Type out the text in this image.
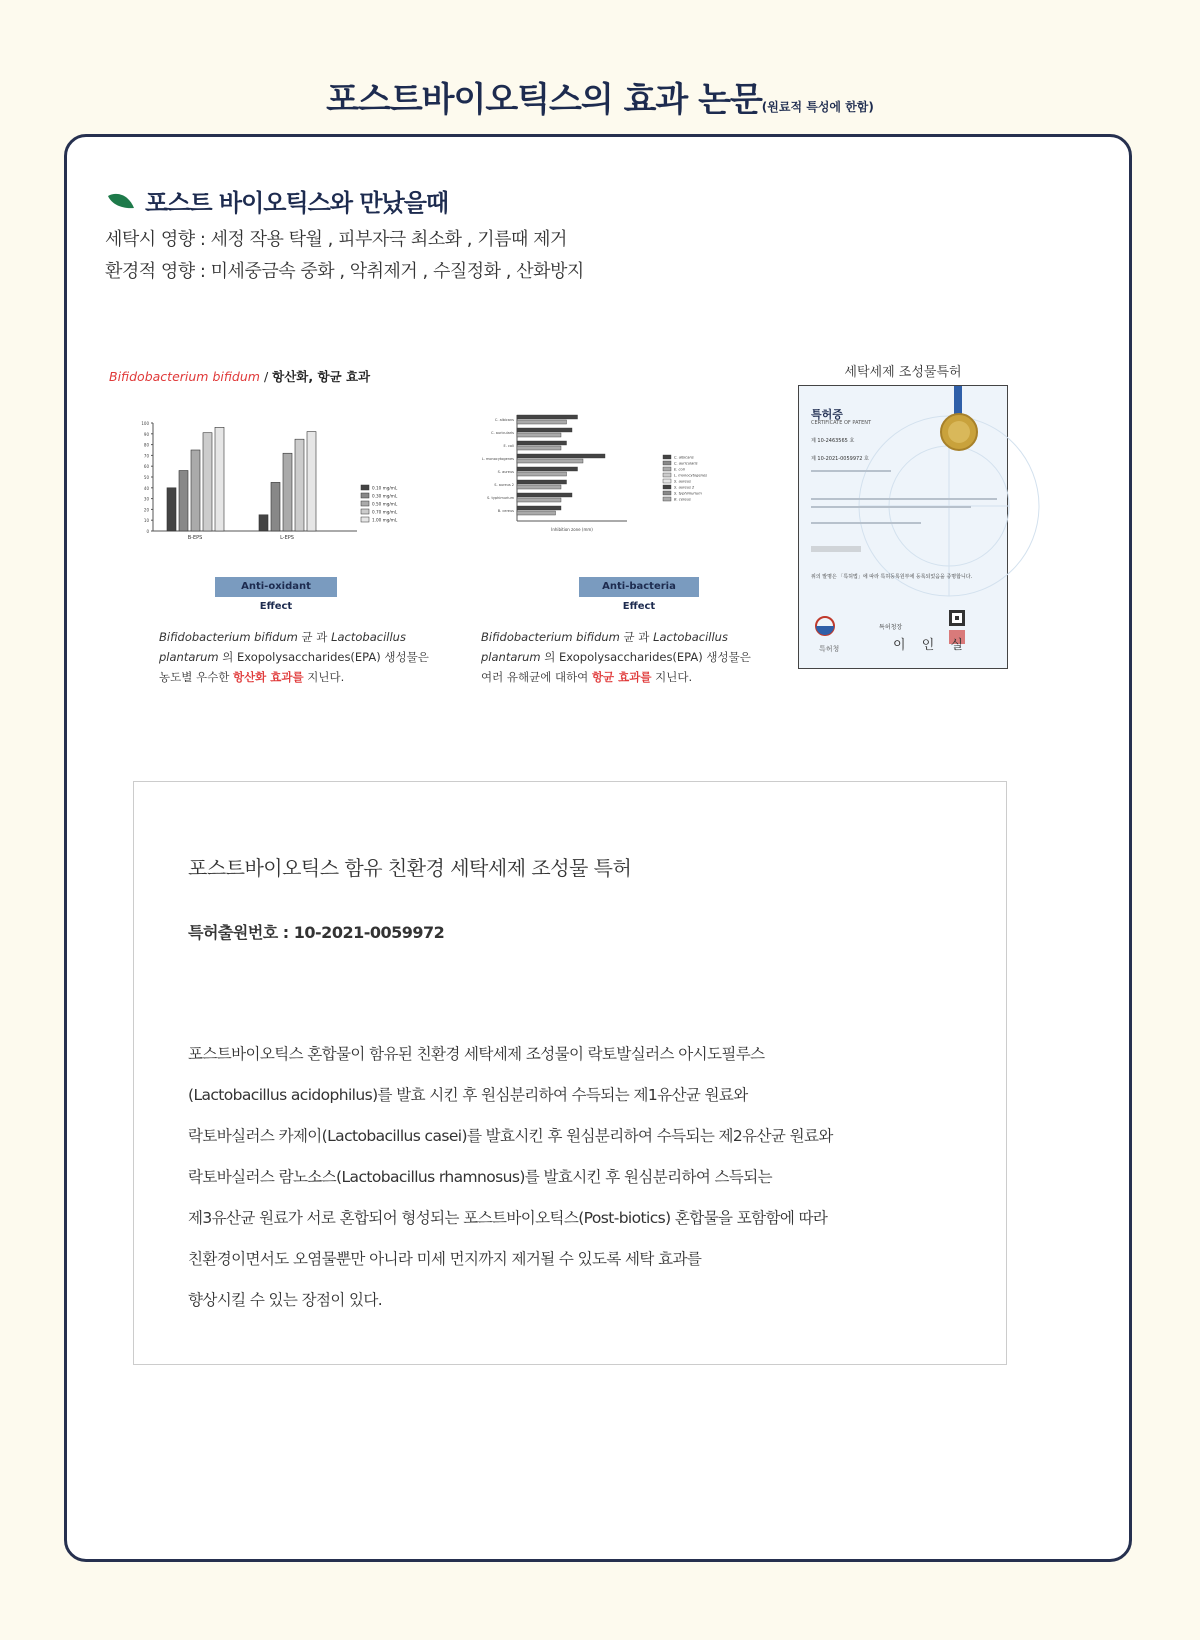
포스트바이오틱스의 효과 논문(원료적 특성에 한함)
포스트 바이오틱스와 만났을때
세탁시 영향 : 세정 작용 탁월 , 피부자극 최소화 , 기름때 제거
환경적 영향 : 미세중금속 중화 , 악취제거 , 수질정화 , 산화방지
Bifidobacterium bifidum / 항산화, 항균 효과
0
10
20
30
40
50
60
70
80
90
100
B-EPS	L-EPS
0.10 mg/mL
0.30 mg/mL
0.50 mg/mL
0.70 mg/mL
1.00 mg/mL
C. albicans
C. auricularis
E. coli
L. monocytogenes
S. aureus
S. aureus 2
S. typhimurium
B. cereus
Inhibition zone (mm)
C. albicans
C. auricularis
E. coli
L. monocytogenes
S. aureus
S. aureus 2
S. typhimurium
B. cereus
Anti-oxidant Effect
Anti-bacteria Effect
Bifidobacterium bifidum 균 과 Lactobacillus plantarum 의 Exopolysaccharides(EPA) 생성물은 농도별 우수한 항산화 효과를 지닌다.
Bifidobacterium bifidum 균 과 Lactobacillus plantarum 의 Exopolysaccharides(EPA) 생성물은 여러 유해균에 대하여 항균 효과를 지닌다.
세탁세제 조성물특허
특허증
CERTIFICATE OF PATENT
제 10-2463565 호
제 10-2021-0059972 호
위의 발명은 「특허법」에 따라 특허등록원부에 등록되었음을 증명합니다.
특허청장
이 인 실
특허청
포스트바이오틱스 함유 친환경 세탁세제 조성물 특허
특허출원번호 : 10-2021-0059972
포스트바이오틱스 혼합물이 함유된 친환경 세탁세제 조성물이 락토발실러스 아시도필루스
(Lactobacillus acidophilus)를 발효 시킨 후 원심분리하여 수득되는 제1유산균 원료와
락토바실러스 카제이(Lactobacillus casei)를 발효시킨 후 원심분리하여 수득되는 제2유산균 원료와
락토바실러스 람노소스(Lactobacillus rhamnosus)를 발효시킨 후 원심분리하여 스득되는
제3유산균 원료가 서로 혼합되어 형성되는 포스트바이오틱스(Post-biotics) 혼합물을 포함함에 따라
친환경이면서도 오염물뿐만 아니라 미세 먼지까지 제거될 수 있도록 세탁 효과를
향상시킬 수 있는 장점이 있다.
